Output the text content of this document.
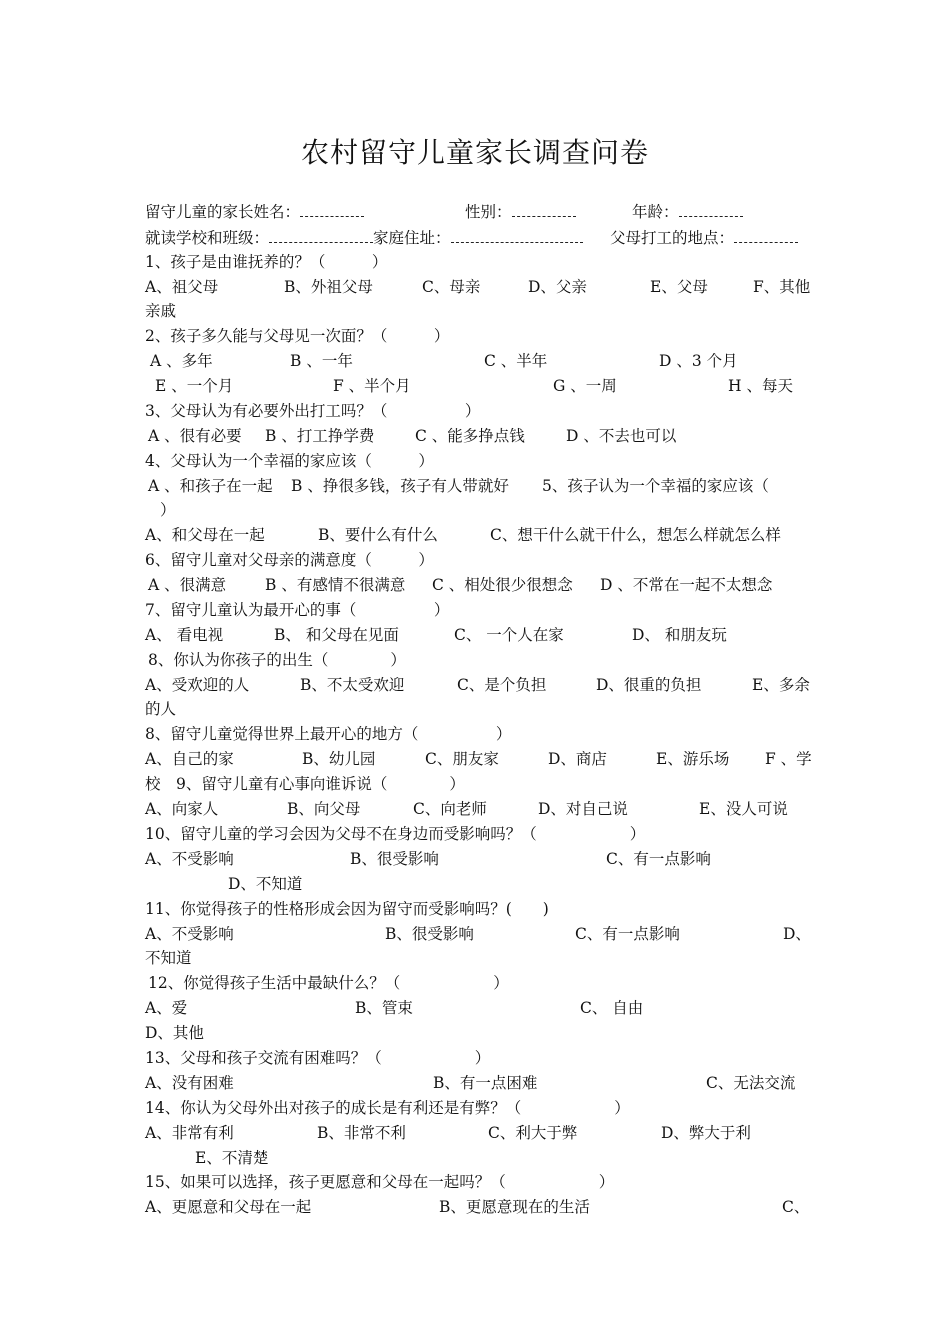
农村留守儿童家长调查问卷
留守儿童的家长姓名：	性别：	年龄：
就读学校和班级：	家庭住址：	父母打工的地点：
1、孩子是由谁抚养的？（　　　）
A、祖父母	B、外祖父母	C、母亲	D、父亲	E、父母	F、其他
亲戚
2、孩子多久能与父母见一次面？（　　　）
A 、多年	B 、一年	C 、半年	D 、3 个月
E 、一个月	F 、半个月	G 、一周	H 、每天
3、父母认为有必要外出打工吗？（　　　　　）
A 、很有必要 B 、打工挣学费	C 、能多挣点钱	D 、不去也可以
4、父母认为一个幸福的家应该（　　　）
A 、和孩子在一起 B 、挣很多钱，孩子有人带就好 5、孩子认为一个幸福的家应该（
）
A、和父母在一起	B、要什么有什么	C、想干什么就干什么，想怎么样就怎么样
6、留守儿童对父母亲的满意度（　　　）
A 、很满意	B 、有感情不很满意 C 、相处很少很想念 D 、不常在一起不太想念
7、留守儿童认为最开心的事（　　　　　）
A、 看电视	B、 和父母在见面	C、 一个人在家	D、 和朋友玩
8、你认为你孩子的出生（　　　　）
A、受欢迎的人	B、不太受欢迎	C、是个负担	D、很重的负担	E、多余
的人
8、留守儿童觉得世界上最开心的地方（　　　　　）
A、自己的家	B、幼儿园	C、朋友家	D、商店	E、游乐场 F 、学
校　9、留守儿童有心事向谁诉说（　　　　）
A、向家人	B、向父母	C、向老师	D、对自己说	E、没人可说
10、留守儿童的学习会因为父母不在身边而受影响吗？（　　　　　　）
A、不受影响	B、很受影响	C、有一点影响
D、不知道
11、你觉得孩子的性格形成会因为留守而受影响吗？(　　)
A、不受影响	B、很受影响	C、有一点影响	D、
不知道
12、你觉得孩子生活中最缺什么？（　　　　　　）
A、爱	B、管束	C、 自由
D、其他
13、父母和孩子交流有困难吗？（　　　　　　）
A、没有困难	B、有一点困难	C、无法交流
14、你认为父母外出对孩子的成长是有利还是有弊？（　　　　　　）
A、非常有利	B、非常不利	C、利大于弊	D、弊大于利
E、不清楚
15、如果可以选择，孩子更愿意和父母在一起吗？（　　　　　　）
A、更愿意和父母在一起	B、更愿意现在的生活	C、
